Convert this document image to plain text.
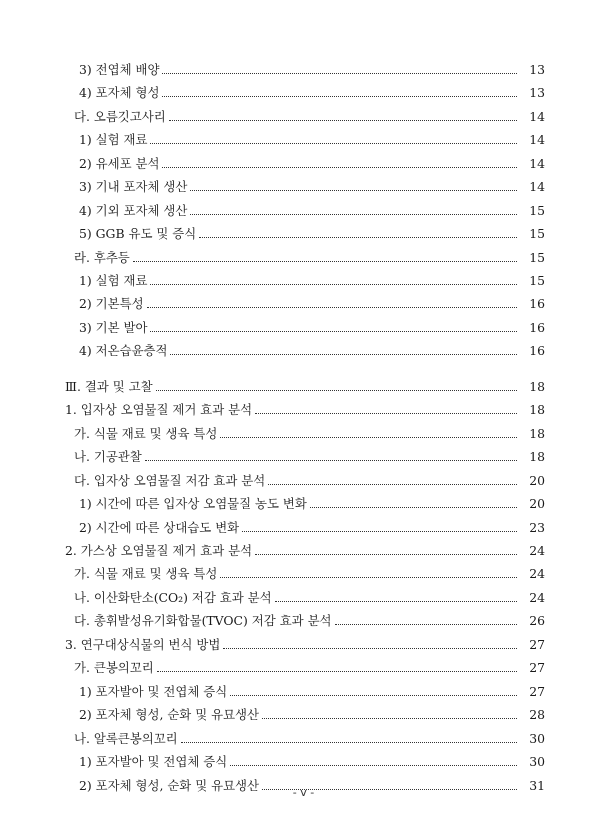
3) 전엽체 배양	13
4) 포자체 형성	13
다. 오름깃고사리	14
1) 실험 재료	14
2) 유세포 분석	14
3) 기내 포자체 생산	14
4) 기외 포자체 생산	15
5) GGB 유도 및 증식	15
라. 후추등	15
1) 실험 재료	15
2) 기본특성	16
3) 기본 발아	16
4) 저온습윤층적	16
Ⅲ. 결과 및 고찰	18
1. 입자상 오염물질 제거 효과 분석	18
가. 식물 재료 및 생육 특성	18
나. 기공관찰	18
다. 입자상 오염물질 저감 효과 분석	20
1) 시간에 따른 입자상 오염물질 농도 변화	20
2) 시간에 따른 상대습도 변화	23
2. 가스상 오염물질 제거 효과 분석	24
가. 식물 재료 및 생육 특성	24
나. 이산화탄소(CO₂) 저감 효과 분석	24
다. 총휘발성유기화합물(TVOC) 저감 효과 분석	26
3. 연구대상식물의 번식 방법	27
가. 큰봉의꼬리	27
1) 포자발아 및 전엽체 증식	27
2) 포자체 형성, 순화 및 유묘생산	28
나. 알록큰봉의꼬리	30
1) 포자발아 및 전엽체 증식	30
2) 포자체 형성, 순화 및 유묘생산	31
- v -
